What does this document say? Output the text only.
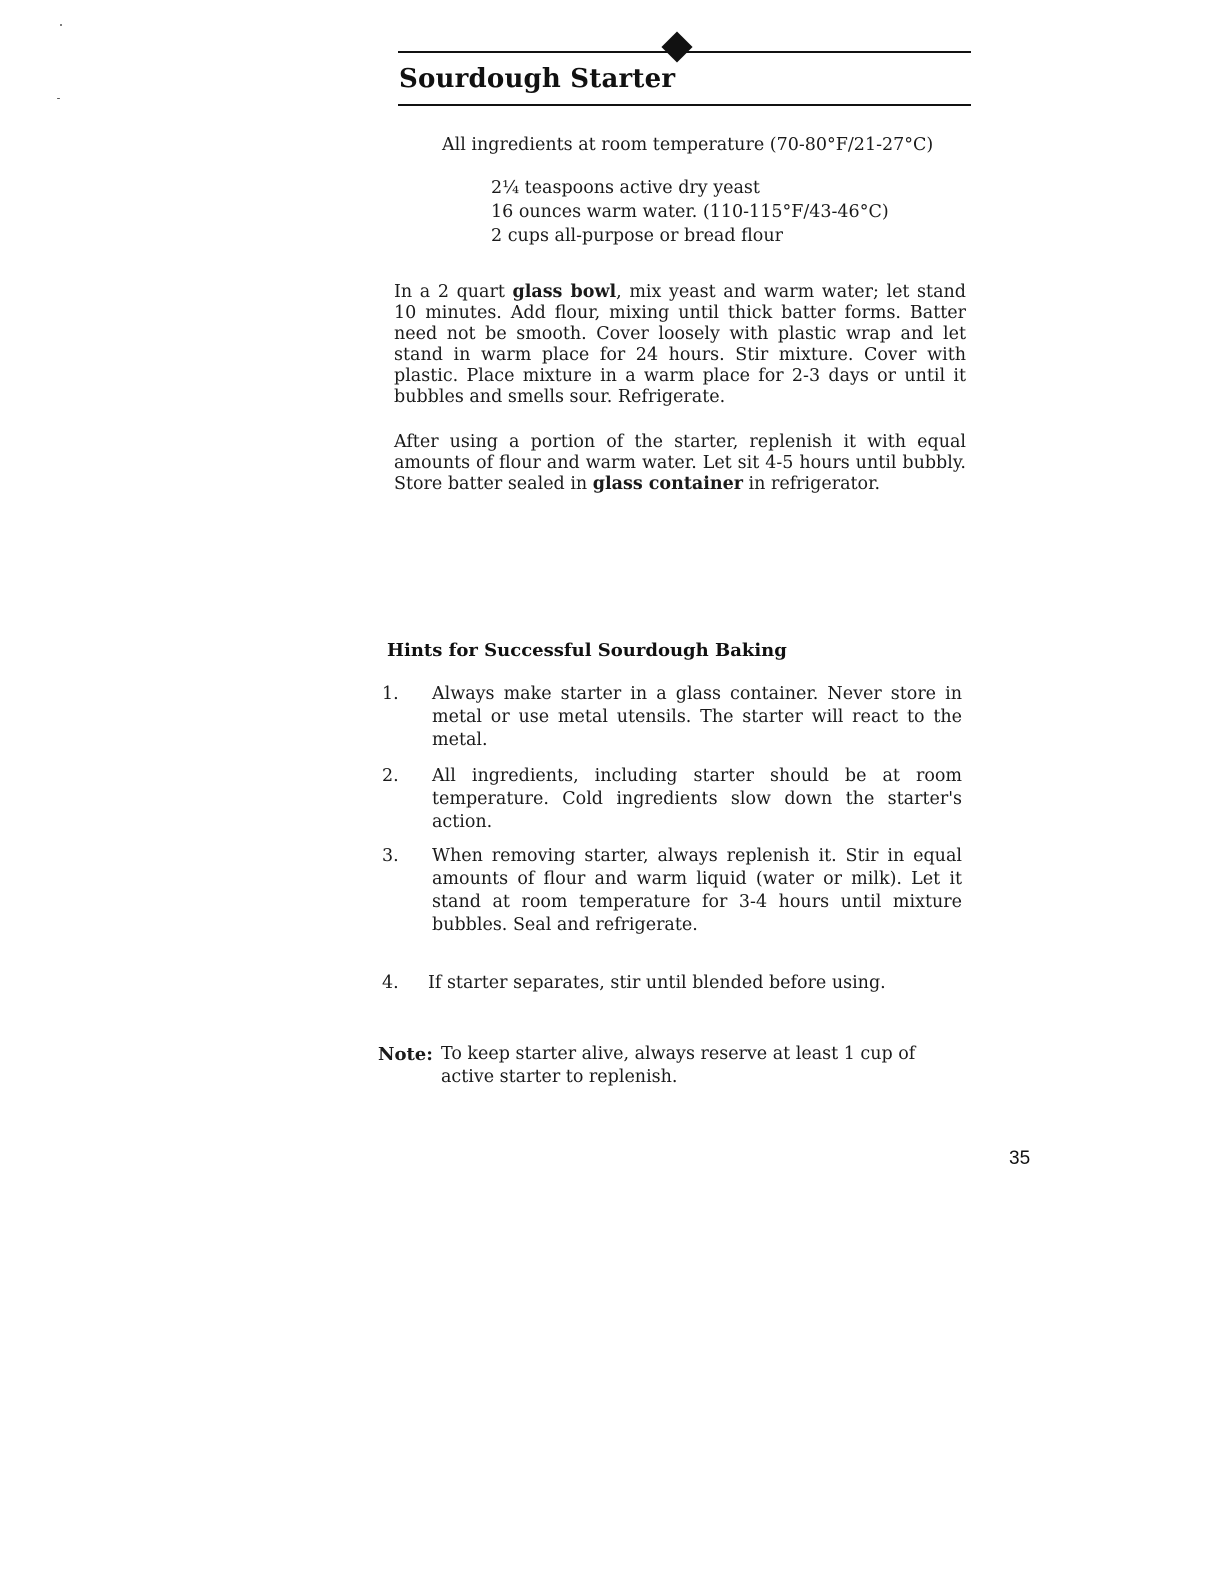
Sourdough Starter

All ingredients at room temperature (70-80°F/21-27°C)

2¼ teaspoons active dry yeast
16 ounces warm water. (110-115°F/43-46°C)
2 cups all-purpose or bread flour

In a 2 quart glass bowl, mix yeast and warm water; let stand 10 minutes. Add flour, mixing until thick batter forms. Batter need not be smooth. Cover loosely with plastic wrap and let stand in warm place for 24 hours. Stir mixture. Cover with plastic. Place mixture in a warm place for 2-3 days or until it bubbles and smells sour. Refrigerate.

After using a portion of the starter, replenish it with equal amounts of flour and warm water. Let sit 4-5 hours until bubbly. Store batter sealed in glass container in refrigerator.

Hints for Successful Sourdough Baking
1.	Always make starter in a glass container. Never store in metal or use metal utensils. The starter will react to the metal.
2.	All ingredients, including starter should be at room temperature. Cold ingredients slow down the starter's action.
3.	When removing starter, always replenish it. Stir in equal amounts of flour and warm liquid (water or milk). Let it stand at room temperature for 3-4 hours until mixture bubbles. Seal and refrigerate.
4.	If starter separates, stir until blended before using.
Note: To keep starter alive, always reserve at least 1 cup of active starter to replenish.

35
